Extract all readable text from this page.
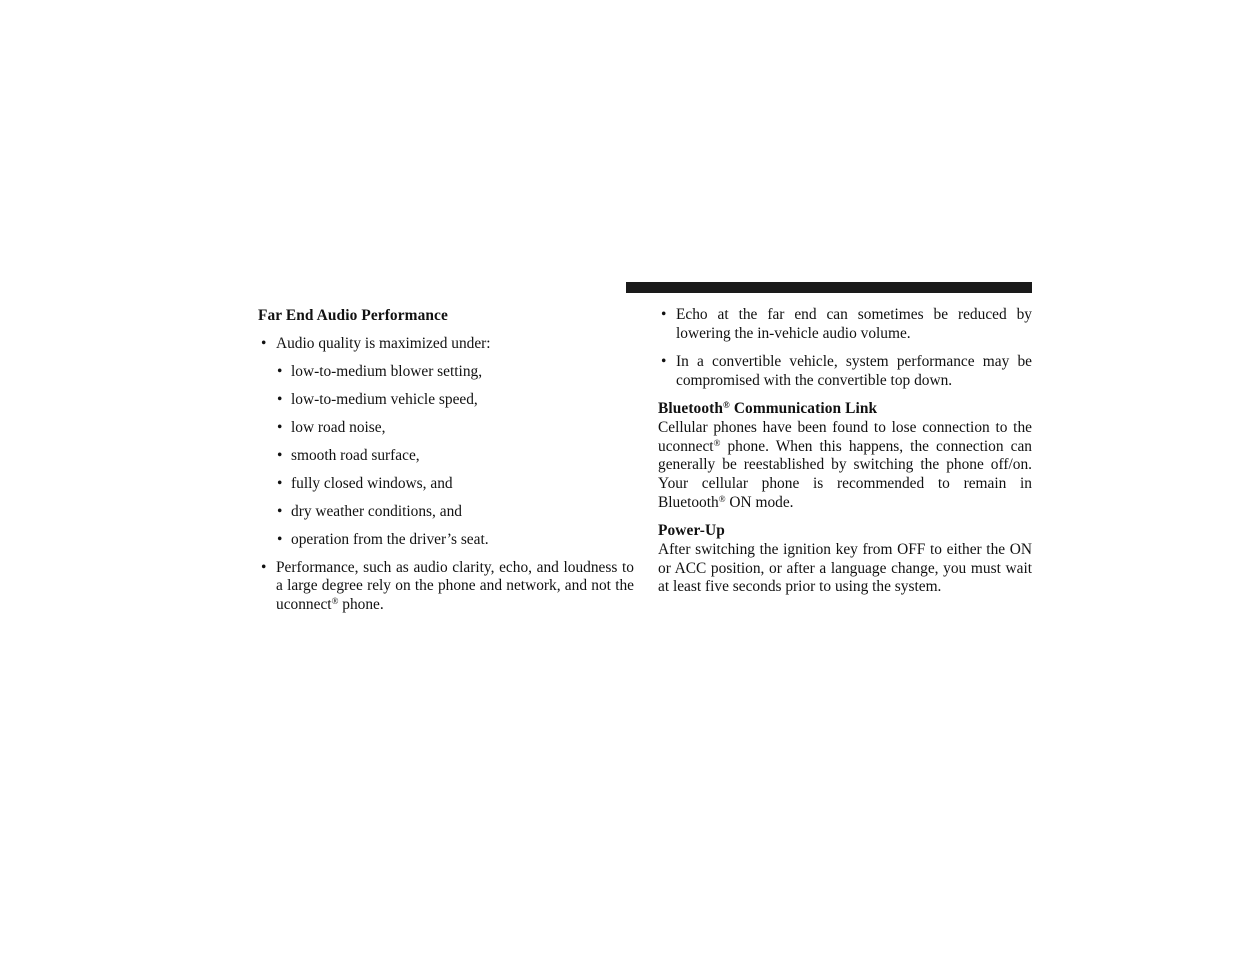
Far End Audio Performance

• Audio quality is maximized under:
• low-to-medium blower setting,
• low-to-medium vehicle speed,
• low road noise,
• smooth road surface,
• fully closed windows, and
• dry weather conditions, and
• operation from the driver’s seat.
• Performance, such as audio clarity, echo, and loudness to a large degree rely on the phone and network, and not the uconnect® phone.
• Echo at the far end can sometimes be reduced by lowering the in-vehicle audio volume.
• In a convertible vehicle, system performance may be compromised with the convertible top down.

Bluetooth® Communication Link

Cellular phones have been found to lose connection to the uconnect® phone. When this happens, the connection can generally be reestablished by switching the phone off/on. Your cellular phone is recommended to remain in Bluetooth® ON mode.

Power-Up

After switching the ignition key from OFF to either the ON or ACC position, or after a language change, you must wait at least five seconds prior to using the system.
